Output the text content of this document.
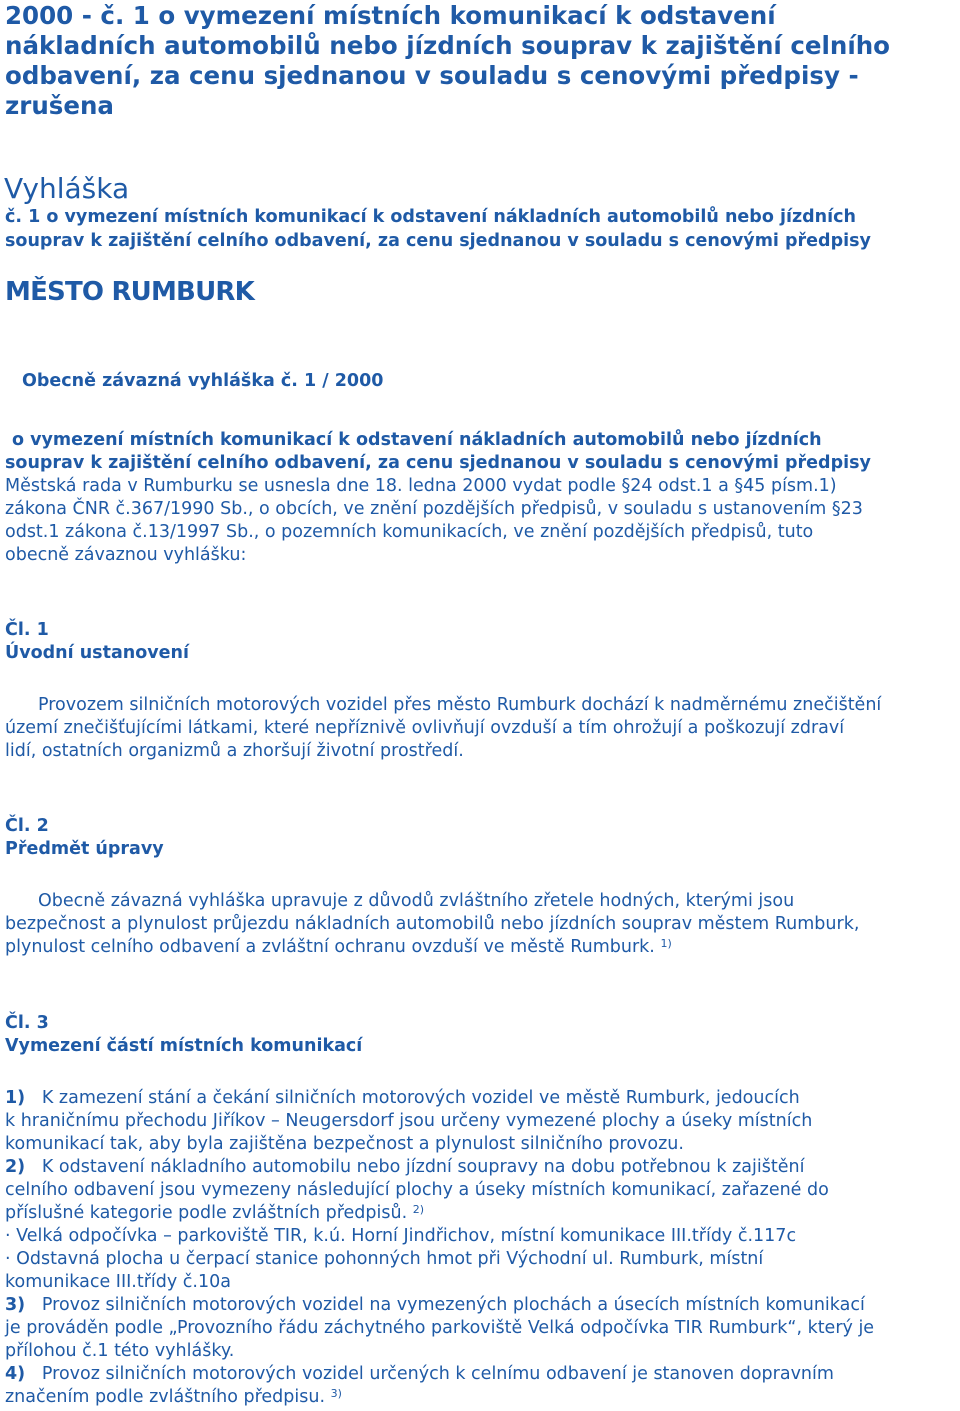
2000 - č. 1 o vymezení místních komunikací k odstavení
nákladních automobilů nebo jízdních souprav k zajištění celního
odbavení, za cenu sjednanou v souladu s cenovými předpisy -
zrušena
Vyhláška
č. 1 o vymezení místních komunikací k odstavení nákladních automobilů nebo jízdních
souprav k zajištění celního odbavení, za cenu sjednanou v souladu s cenovými předpisy
MĚSTO RUMBURK
Obecně závazná vyhláška č. 1 / 2000
o vymezení místních komunikací k odstavení nákladních automobilů nebo jízdních
souprav k zajištění celního odbavení, za cenu sjednanou v souladu s cenovými předpisy
Městská rada v Rumburku se usnesla dne 18. ledna 2000 vydat podle §24 odst.1 a §45 písm.1)
zákona ČNR č.367/1990 Sb., o obcích, ve znění pozdějších předpisů, v souladu s ustanovením §23
odst.1 zákona č.13/1997 Sb., o pozemních komunikacích, ve znění pozdějších předpisů, tuto
obecně závaznou vyhlášku:
Čl. 1
Úvodní ustanovení
Provozem silničních motorových vozidel přes město Rumburk dochází k nadměrnému znečištění
území znečišťujícími látkami, které nepříznivě ovlivňují ovzduší a tím ohrožují a poškozují zdraví
lidí, ostatních organizmů a zhoršují životní prostředí.
Čl. 2
Předmět úpravy
Obecně závazná vyhláška upravuje z důvodů zvláštního zřetele hodných, kterými jsou
bezpečnost a plynulost průjezdu nákladních automobilů nebo jízdních souprav městem Rumburk,
plynulost celního odbavení a zvláštní ochranu ovzduší ve městě Rumburk. $^{1)}$
Čl. 3
Vymezení částí místních komunikací
1) K zamezení stání a čekání silničních motorových vozidel ve městě Rumburk, jedoucích
k hraničnímu přechodu Jiříkov – Neugersdorf jsou určeny vymezené plochy a úseky místních
komunikací tak, aby byla zajištěna bezpečnost a plynulost silničního provozu.
2) K odstavení nákladního automobilu nebo jízdní soupravy na dobu potřebnou k zajištění
celního odbavení jsou vymezeny následující plochy a úseky místních komunikací, zařazené do
příslušné kategorie podle zvláštních předpisů. $^{2)}$
· Velká odpočívka – parkoviště TIR, k.ú. Horní Jindřichov, místní komunikace III.třídy č.117c
· Odstavná plocha u čerpací stanice pohonných hmot při Východní ul. Rumburk, místní
komunikace III.třídy č.10a
3) Provoz silničních motorových vozidel na vymezených plochách a úsecích místních komunikací
je prováděn podle „Provozního řádu záchytného parkoviště Velká odpočívka TIR Rumburk“, který je
přílohou č.1 této vyhlášky.
4) Provoz silničních motorových vozidel určených k celnímu odbavení je stanoven dopravním
značením podle zvláštního předpisu. $^{3)}$
